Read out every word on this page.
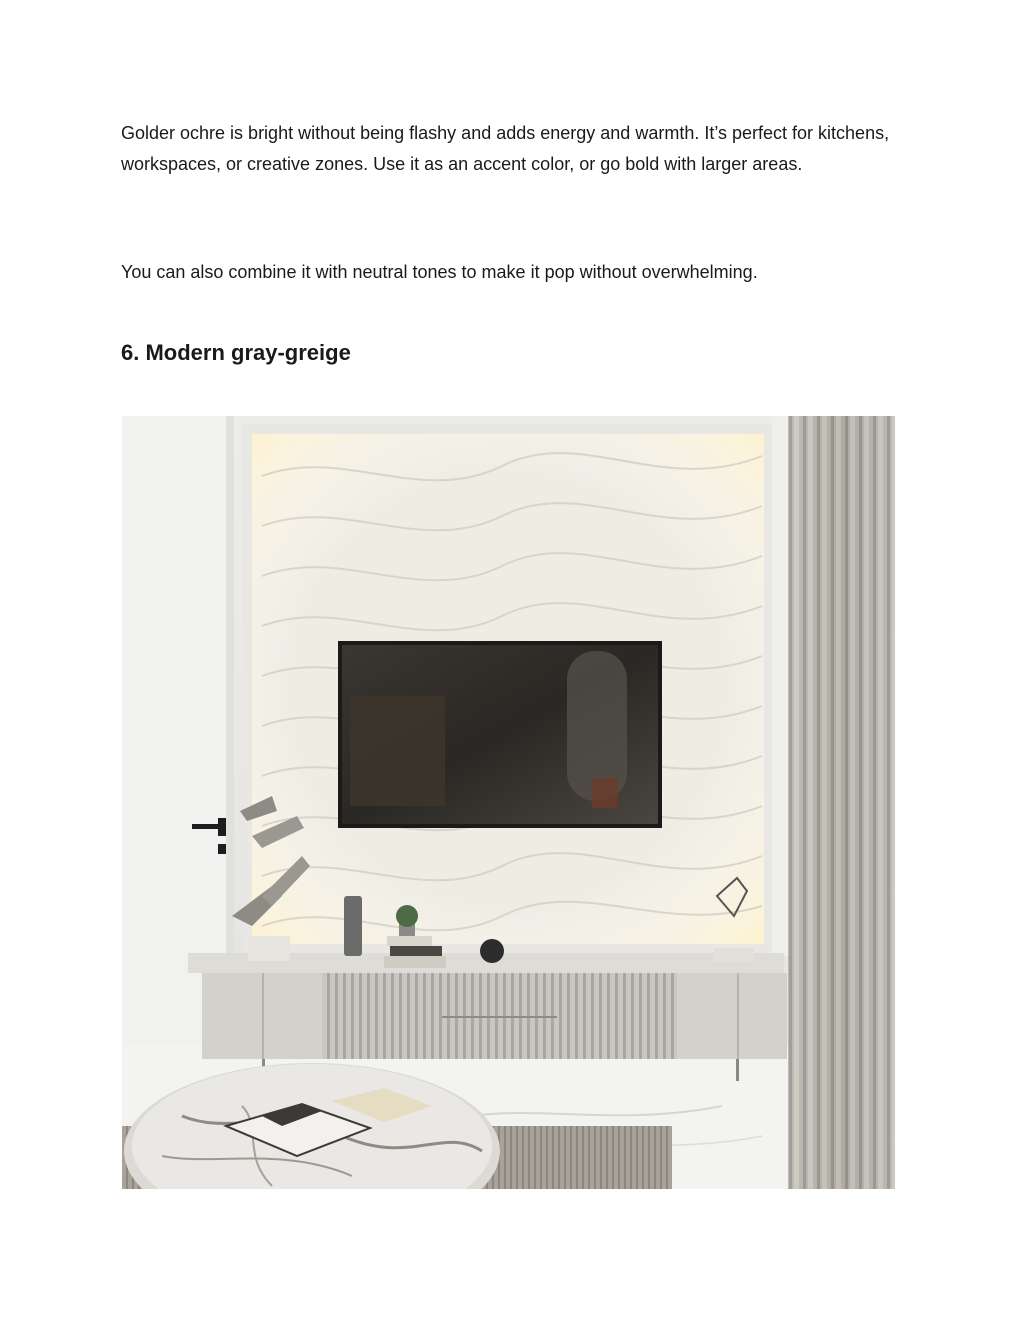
Golder ochre is bright without being flashy and adds energy and warmth. It’s perfect for kitchens, workspaces, or creative zones. Use it as an accent color, or go bold with larger areas.

You can also combine it with neutral tones to make it pop without overwhelming.

6. Modern gray-greige
